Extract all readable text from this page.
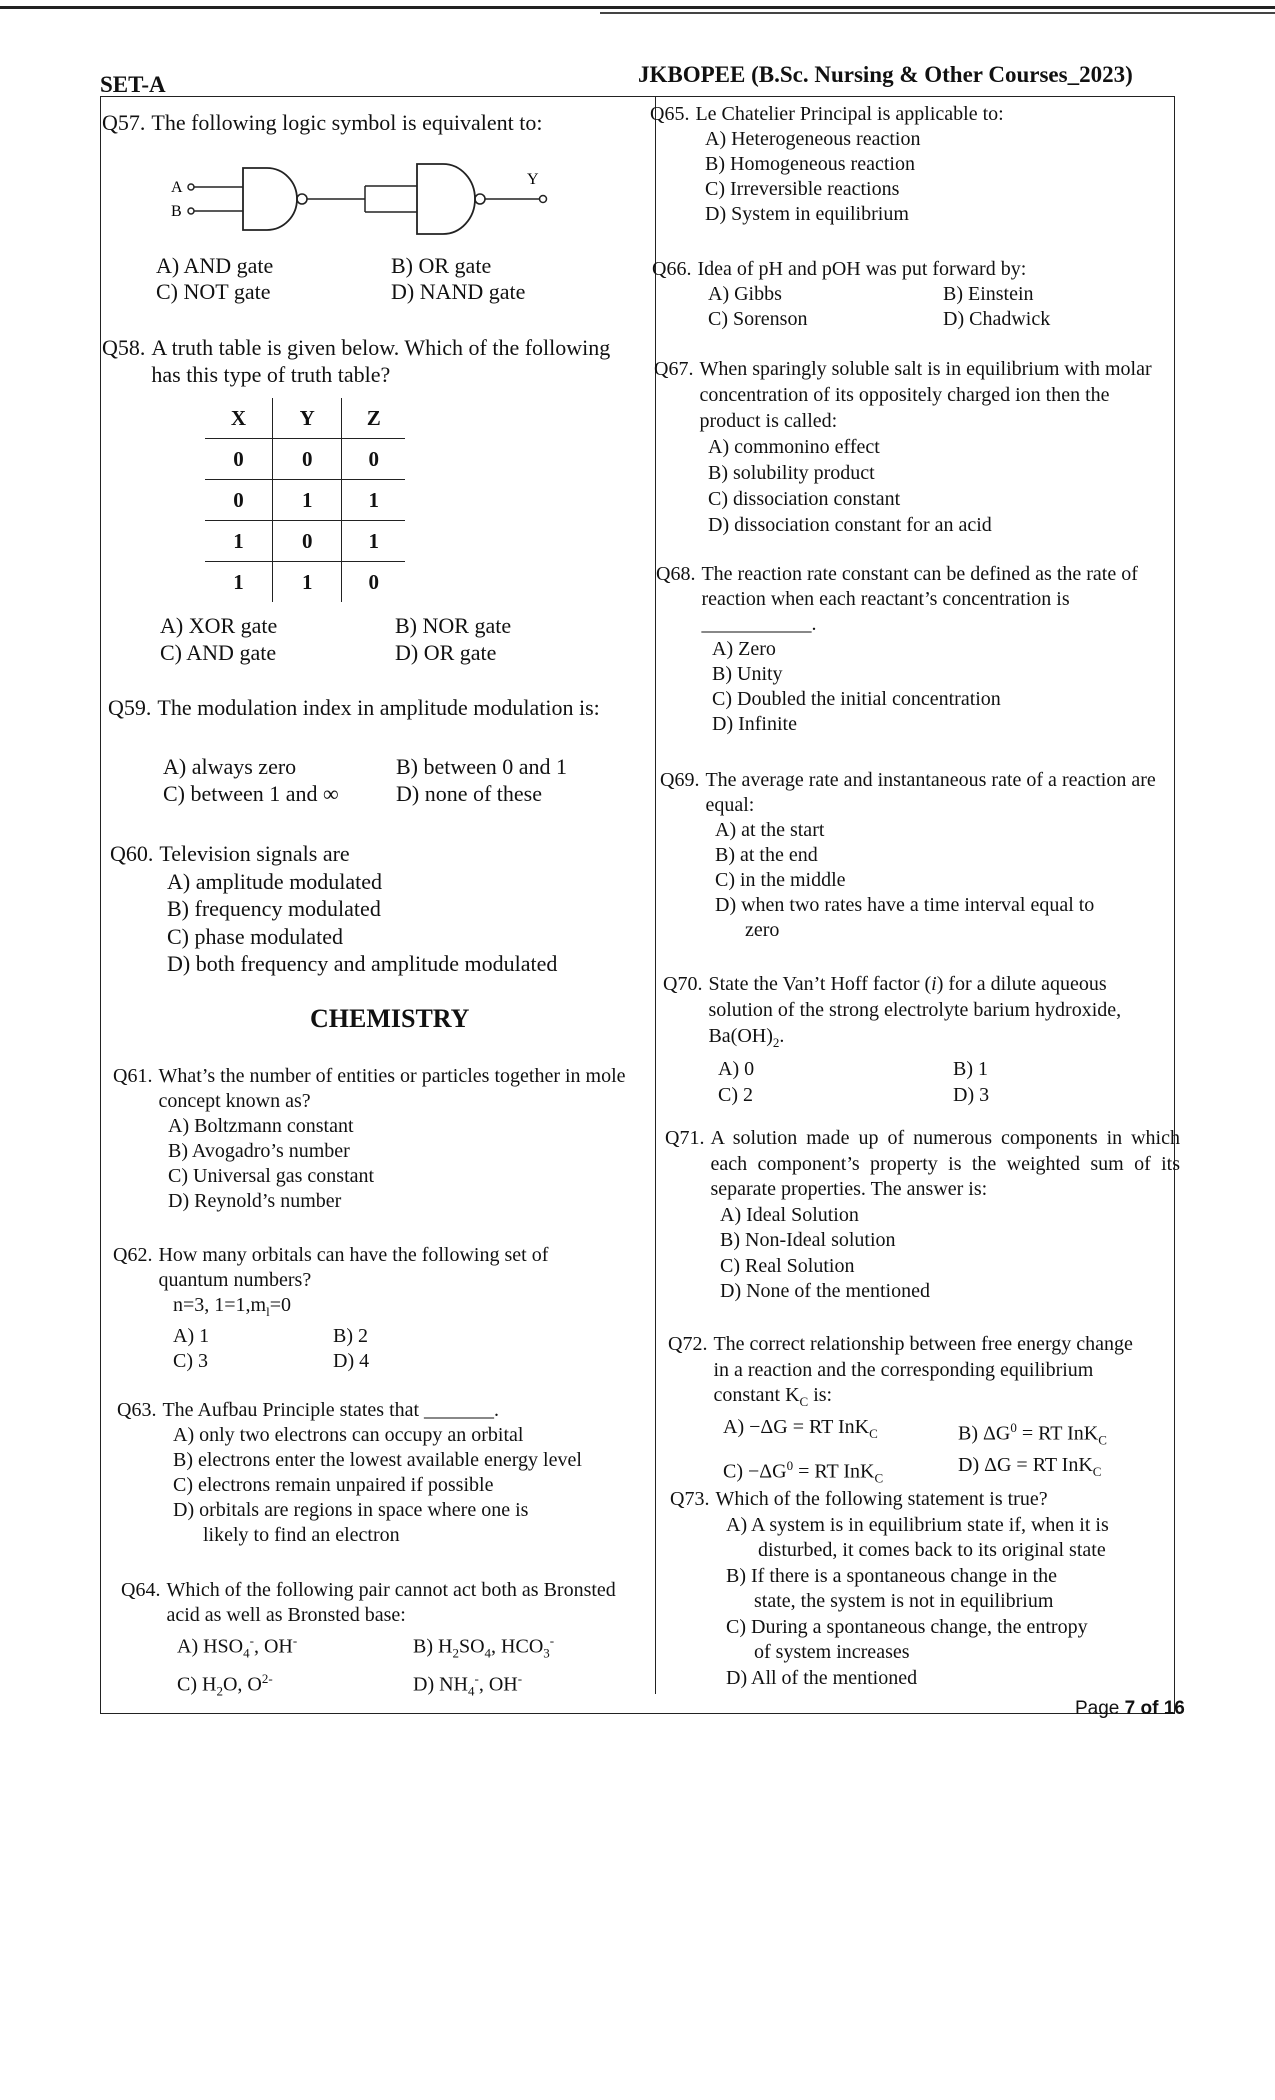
SET-A	JKBOPEE (B.Sc. Nursing & Other Courses_2023)
Q57. The following logic symbol is equivalent to:
A
B
Y
A) AND gate	B) OR gate
C) NOT gate	D) NAND gate
Q58. A truth table is given below. Which of the following has this type of truth table?
X	Y	Z
0	0	0
0	1	1
1	0	1
1	1	0
A) XOR gate	B) NOR gate
C) AND gate	D) OR gate
Q59. The modulation index in amplitude modulation is:
A) always zero	B) between 0 and 1
C) between 1 and ∞	D) none of these
Q60. Television signals are
A) amplitude modulated
B) frequency modulated
C) phase modulated
D) both frequency and amplitude modulated
CHEMISTRY
Q61. What’s the number of entities or particles together in mole concept known as?
A) Boltzmann constant
B) Avogadro’s number
C) Universal gas constant
D) Reynold’s number
Q62. How many orbitals can have the following set of quantum numbers?
n=3, $1=1,m_l=0$
A) 1	B) 2
C) 3	D) 4
Q63. The Aufbau Principle states that _______.
A) only two electrons can occupy an orbital
B) electrons enter the lowest available energy level
C) electrons remain unpaired if possible
D) orbitals are regions in space where one is
likely to find an electron
Q64. Which of the following pair cannot act both as Bronsted acid as well as Bronsted base:
A) $HSO_4^-$, OH-	B) $H_2SO_4$, $HCO_3^-$
C) $H_2O$, $O^{2-}$	D) $NH_4^-$, OH-
Q65. Le Chatelier Principal is applicable to:
A) Heterogeneous reaction
B) Homogeneous reaction
C) Irreversible reactions
D) System in equilibrium
Q66. Idea of pH and pOH was put forward by:
A) Gibbs	B) Einstein
C) Sorenson	D) Chadwick
Q67. When sparingly soluble salt is in equilibrium with molar concentration of its oppositely charged ion then the product is called:
A) commonino effect
B) solubility product
C) dissociation constant
D) dissociation constant for an acid
Q68. The reaction rate constant can be defined as the rate of reaction when each reactant’s concentration is ___________.
A) Zero
B) Unity
C) Doubled the initial concentration
D) Infinite
Q69. The average rate and instantaneous rate of a reaction are equal:
A) at the start
B) at the end
C) in the middle
D) when two rates have a time interval equal to
zero
Q70. State the Van’t Hoff factor (i) for a dilute aqueous solution of the strong electrolyte barium hydroxide, $Ba(OH)_2$.
A) 0	B) 1
C) 2	D) 3
Q71. A solution made up of numerous components in which each component’s property is the weighted sum of its separate properties. The answer is:
A) Ideal Solution
B) Non-Ideal solution
C) Real Solution
D) None of the mentioned
Q72. The correct relationship between free energy change in a reaction and the corresponding equilibrium constant $K_C$ is:
A) −ΔG = RT InK$_C$	B) $\Delta G^0$ = RT InK$_C$
$C) -\Delta G^0$ = RT InK$_C$
D) ΔG = RT InK$_C$
Q73. Which of the following statement is true?
A) A system is in equilibrium state if, when it is
disturbed, it comes back to its original state
B) If there is a spontaneous change in the
state, the system is not in equilibrium
C) During a spontaneous change, the entropy
of system increases
D) All of the mentioned
Page 7 of 16
